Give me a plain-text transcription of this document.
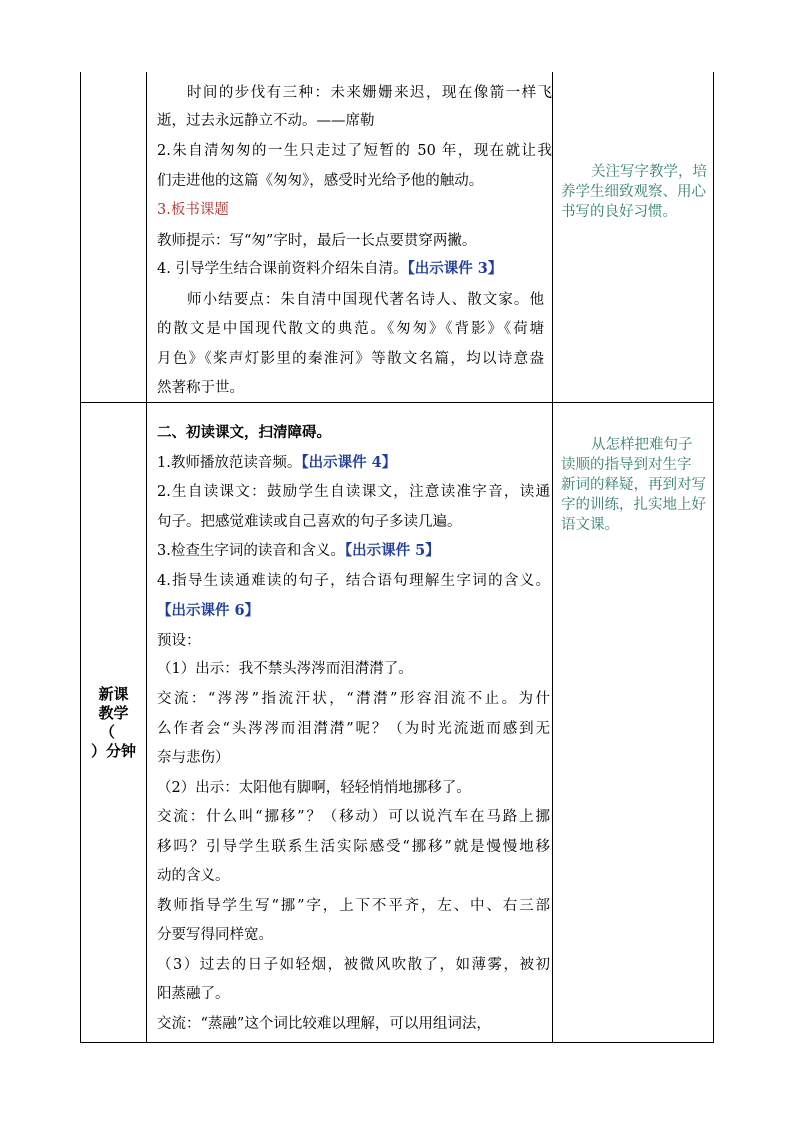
时间的步伐有三种：未来姗姗来迟，现在像箭一样飞
逝，过去永远静立不动。——席勒
2.朱自清匆匆的一生只走过了短暂的 50 年，现在就让我
们走进他的这篇《匆匆》，感受时光给予他的触动。
3.板书课题
教师提示：写“匆”字时，最后一长点要贯穿两撇。
4. 引导学生结合课前资料介绍朱自清。【出示课件 3】
师小结要点：朱自清中国现代著名诗人、散文家。他
的散文是中国现代散文的典范。《匆匆》《背影》《荷塘
月色》《桨声灯影里的秦淮河》等散文名篇，均以诗意盎
然著称于世。
关注写字教学，培
养学生细致观察、用心
书写的良好习惯。
新课
教学
（
）分钟
二、初读课文，扫清障碍。
1.教师播放范读音频。【出示课件 4】
2.生自读课文：鼓励学生自读课文，注意读准字音，读通
句子。把感觉难读或自己喜欢的句子多读几遍。
3.检查生字词的读音和含义。【出示课件 5】
4.指导生读通难读的句子，结合语句理解生字词的含义。
【出示课件 6】
预设：
（1）出示：我不禁头涔涔而泪潸潸了。
交流：“涔涔”指流汗状，“潸潸”形容泪流不止。为什
么作者会“头涔涔而泪潸潸”呢？（为时光流逝而感到无
奈与悲伤）
（2）出示：太阳他有脚啊，轻轻悄悄地挪移了。
交流：什么叫“挪移”？（移动）可以说汽车在马路上挪
移吗？引导学生联系生活实际感受“挪移”就是慢慢地移
动的含义。
教师指导学生写“挪”字，上下不平齐，左、中、右三部
分要写得同样宽。
（3）过去的日子如轻烟，被微风吹散了，如薄雾，被初
阳蒸融了。
交流：“蒸融”这个词比较难以理解，可以用组词法，
从怎样把难句子
读顺的指导到对生字
新词的释疑，再到对写
字的训练，扎实地上好
语文课。
